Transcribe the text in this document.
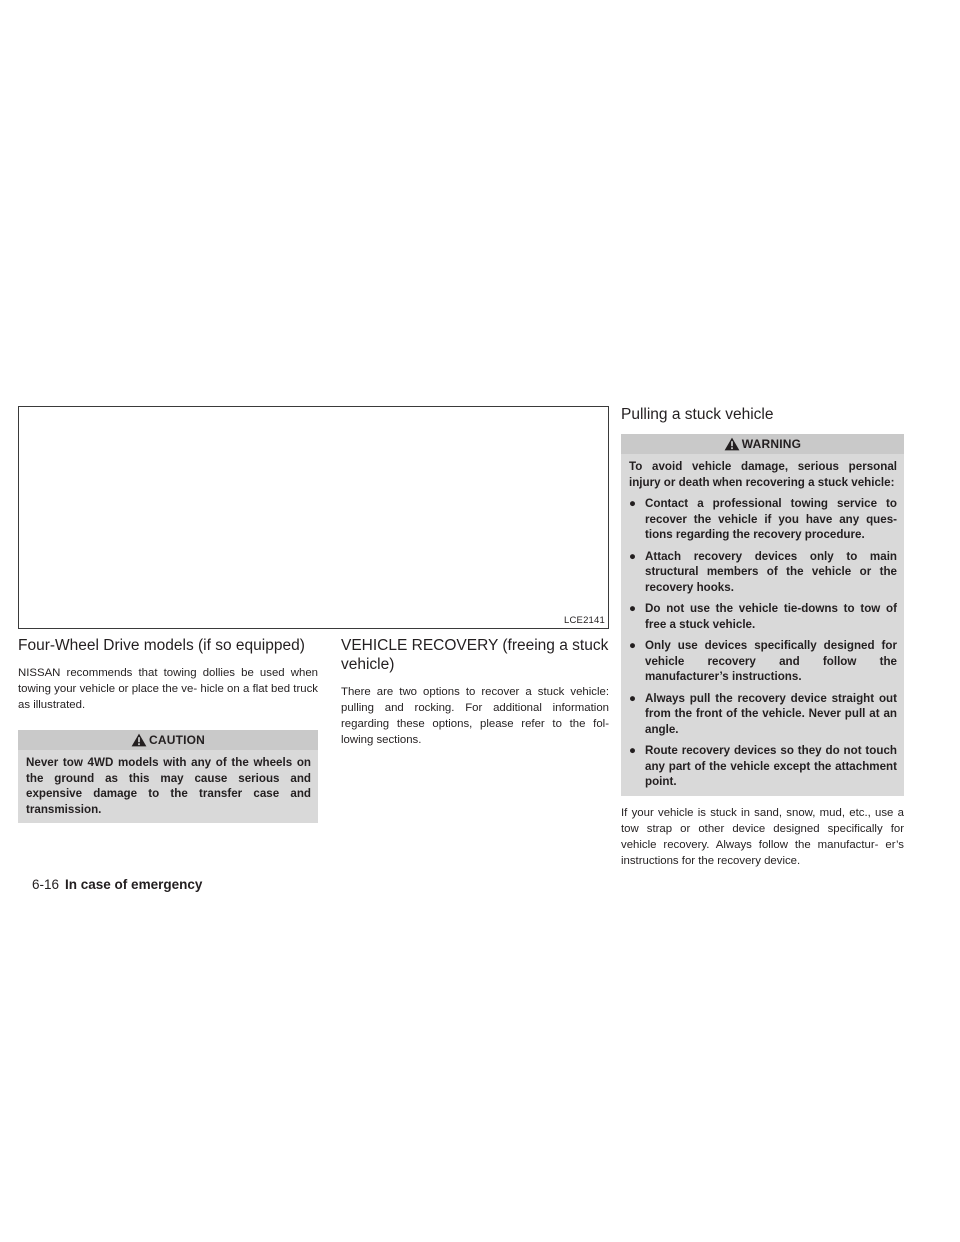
LCE2141
Four-Wheel Drive models (if so equipped)

NISSAN recommends that towing dollies be used when towing your vehicle or place the ve- hicle on a flat bed truck as illustrated.

CAUTION
Never tow 4WD models with any of the wheels on the ground as this may cause serious and expensive damage to the transfer case and transmission.
VEHICLE RECOVERY (freeing a stuck vehicle)

There are two options to recover a stuck vehicle: pulling and rocking. For additional information regarding these options, please refer to the fol- lowing sections.

Pulling a stuck vehicle
WARNING
To avoid vehicle damage, serious personal injury or death when recovering a stuck vehicle:
● Contact a professional towing service to recover the vehicle if you have any ques- tions regarding the recovery procedure.
● Attach recovery devices only to main structural members of the vehicle or the recovery hooks.
● Do not use the vehicle tie-downs to tow of free a stuck vehicle.
● Only use devices specifically designed for vehicle recovery and follow the manufacturer’s instructions.
● Always pull the recovery device straight out from the front of the vehicle. Never pull at an angle.
● Route recovery devices so they do not touch any part of the vehicle except the attachment point.

If your vehicle is stuck in sand, snow, mud, etc., use a tow strap or other device designed specifically for vehicle recovery. Always follow the manufactur- er’s instructions for the recovery device.

6-16 In case of emergency
